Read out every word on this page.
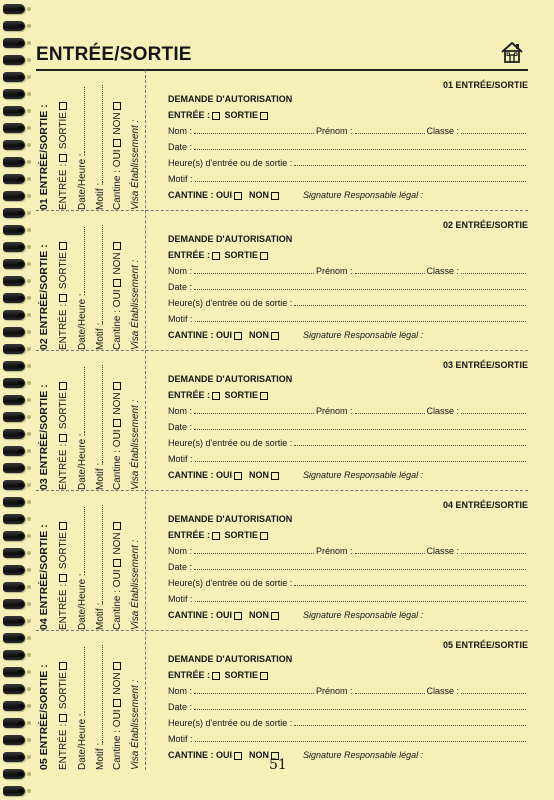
ENTRÉE/SORTIE
01 ENTRÉE/SORTIE : ENTRÉE : SORTIE
Date/Heure : Motif : Cantine : OUI NON Visa Établissement :
01 ENTRÉE/SORTIE
DEMANDE D'AUTORISATION
ENTRÉE :
SORTIE
Nom :	Prénom :	Classe :
Date :
Heure(s) d'entrée ou de sortie :
Motif :
CANTINE : OUI
NON	Signature Responsable légal :
02 ENTRÉE/SORTIE : ENTRÉE : SORTIE
Date/Heure : Motif : Cantine : OUI NON Visa Établissement :
02 ENTRÉE/SORTIE
DEMANDE D'AUTORISATION
ENTRÉE :
SORTIE
Nom :	Prénom :	Classe :
Date :
Heure(s) d'entrée ou de sortie :
Motif :
CANTINE : OUI
NON	Signature Responsable légal :
03 ENTRÉE/SORTIE : ENTRÉE : SORTIE
Date/Heure : Motif : Cantine : OUI NON Visa Établissement :
03 ENTRÉE/SORTIE
DEMANDE D'AUTORISATION
ENTRÉE :
SORTIE
Nom :	Prénom :	Classe :
Date :
Heure(s) d'entrée ou de sortie :
Motif :
CANTINE : OUI
NON	Signature Responsable légal :
04 ENTRÉE/SORTIE : ENTRÉE : SORTIE
Date/Heure : Motif : Cantine : OUI NON Visa Établissement :
04 ENTRÉE/SORTIE
DEMANDE D'AUTORISATION
ENTRÉE :
SORTIE
Nom :	Prénom :	Classe :
Date :
Heure(s) d'entrée ou de sortie :
Motif :
CANTINE : OUI
NON	Signature Responsable légal :
05 ENTRÉE/SORTIE : ENTRÉE : SORTIE
Date/Heure : Motif : Cantine : OUI NON Visa Établissement :
05 ENTRÉE/SORTIE
DEMANDE D'AUTORISATION
ENTRÉE :
SORTIE
Nom :	Prénom :	Classe :
Date :
Heure(s) d'entrée ou de sortie :
Motif :
CANTINE : OUI
NON	Signature Responsable légal :
51
